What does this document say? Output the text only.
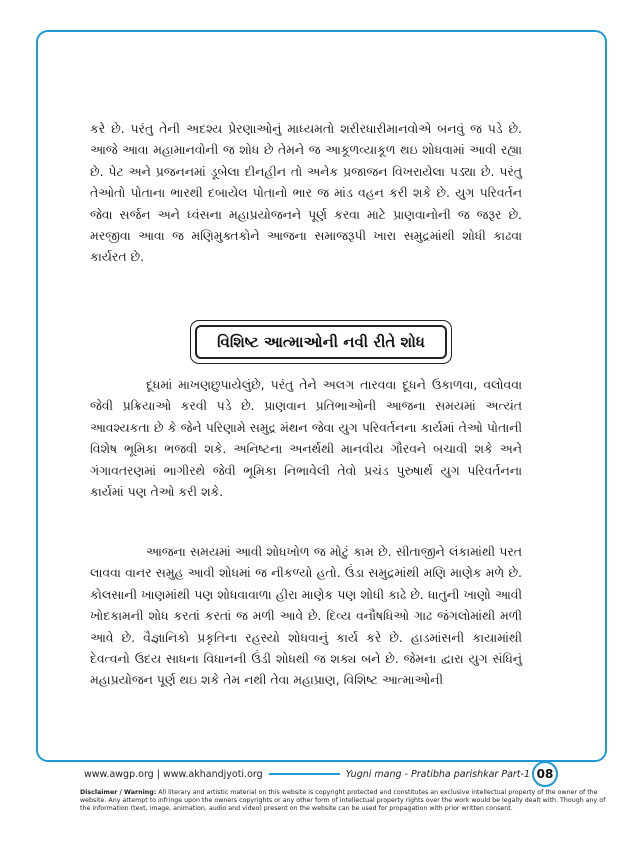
કરે છે. પરંતુ તેની અદશ્ય પ્રેરણાઓનું માધ્યમતો શરીરધારીમાનવોએ બનવું જ પડે છે. આજે આવા મહામાનવોની જ શોધ છે તેમને જ આકૂળવ્યાકૂળ થઇ શોધવામાં આવી રહ્યા છે. પેટ અને પ્રજનનમાં ડૂબેલા દીનહીન તો અનેક પ્રજાજન વિખરાયેલા પડ્યા છે. પરંતુ તેઓતો પોતાના ભારથી દબાયેલ પોતાનો ભાર જ માંડ વહન કરી શકે છે. યુગ પરિવર્તન જેવા સર્જન અને ધ્વંસના મહાપ્રયોજનને પૂર્ણ કરવા માટે પ્રાણવાનોની જ જરૂર છે. મરજીવા આવા જ મણિમુક્તકોને આજના સમાજરૂપી ખારા સમુદ્રમાંથી શોધી કાઢવા કાર્યરત છે.

વિશિષ્ટ આત્માઓની નવી રીતે શોધ

દૂધમાં માખણછુપાયેલુંછે, પરંતુ તેને અલગ તારવવા દૂધને ઉકાળવા, વલોવવા જેવી પ્રક્રિયાઓ કરવી પડે છે. પ્રાણવાન પ્રતિભાઓની આજના સમયમાં અત્યંત આવશ્યકતા છે કે જેને પરિણામે સમુદ્ર મંથન જેવા યુગ પરિવર્તનના કાર્યમાં તેઓ પોતાની વિશેષ ભૂમિકા ભજવી શકે. અનિષ્ટના અનર્થથી માનવીય ગૌરવને બચાવી શકે અને ગંગાવતરણમાં ભાગીરથે જેવી ભૂમિકા નિભાવેલી તેવો પ્રચંડ પુરુષાર્થ યુગ પરિવર્તનના કાર્યમાં પણ તેઓ કરી શકે.

આજના સમયમાં આવી શોધખોળ જ મોટું કામ છે. સીતાજીને લંકામાંથી પરત લાવવા વાનર સમુહ આવી શોધમાં જ નીકળ્યો હતો. ઉંડા સમુદ્રમાંથી મણિ માણેક મળે છે. કોલસાની ખાણમાંથી પણ શોધવાવાળા હીરા માણેક પણ શોધી કાઢે છે. ધાતુની ખાણો આવી ખોદકામની શોધ કરતાં કરતાં જ મળી આવે છે. દિવ્ય વનૌષધિઓ ગાઢ જંગલોમાંથી મળી આવે છે. વૈજ્ઞાનિકો પ્રકૃતિના રહસ્યો શોધવાનું કાર્ય કરે છે. હાડમાંસની કાયામાંથી દેવત્વનો ઉદય સાધના વિધાનની ઉંડી શોધથી જ શક્ય બને છે. જેમના દ્વારા યુગ સંધિનું મહાપ્રયોજન પૂર્ણ થઇ શકે તેમ નથી તેવા મહાપ્રાણ, વિશિષ્ટ આત્માઓની

www.awgp.org | www.akhandjyoti.org	Yugni mang - Pratibha parishkar Part-1 08

Disclaimer / Warning: All literary and artistic material on this website is copyright protected and constitutes an exclusive intellectual property of the owner of the website. Any attempt to infringe upon the owners copyrights or any other form of intellectual property rights over the work would be legally dealt with. Though any of the information (text, image, animation, audio and video) present on the website can be used for propagation with prior written consent.
